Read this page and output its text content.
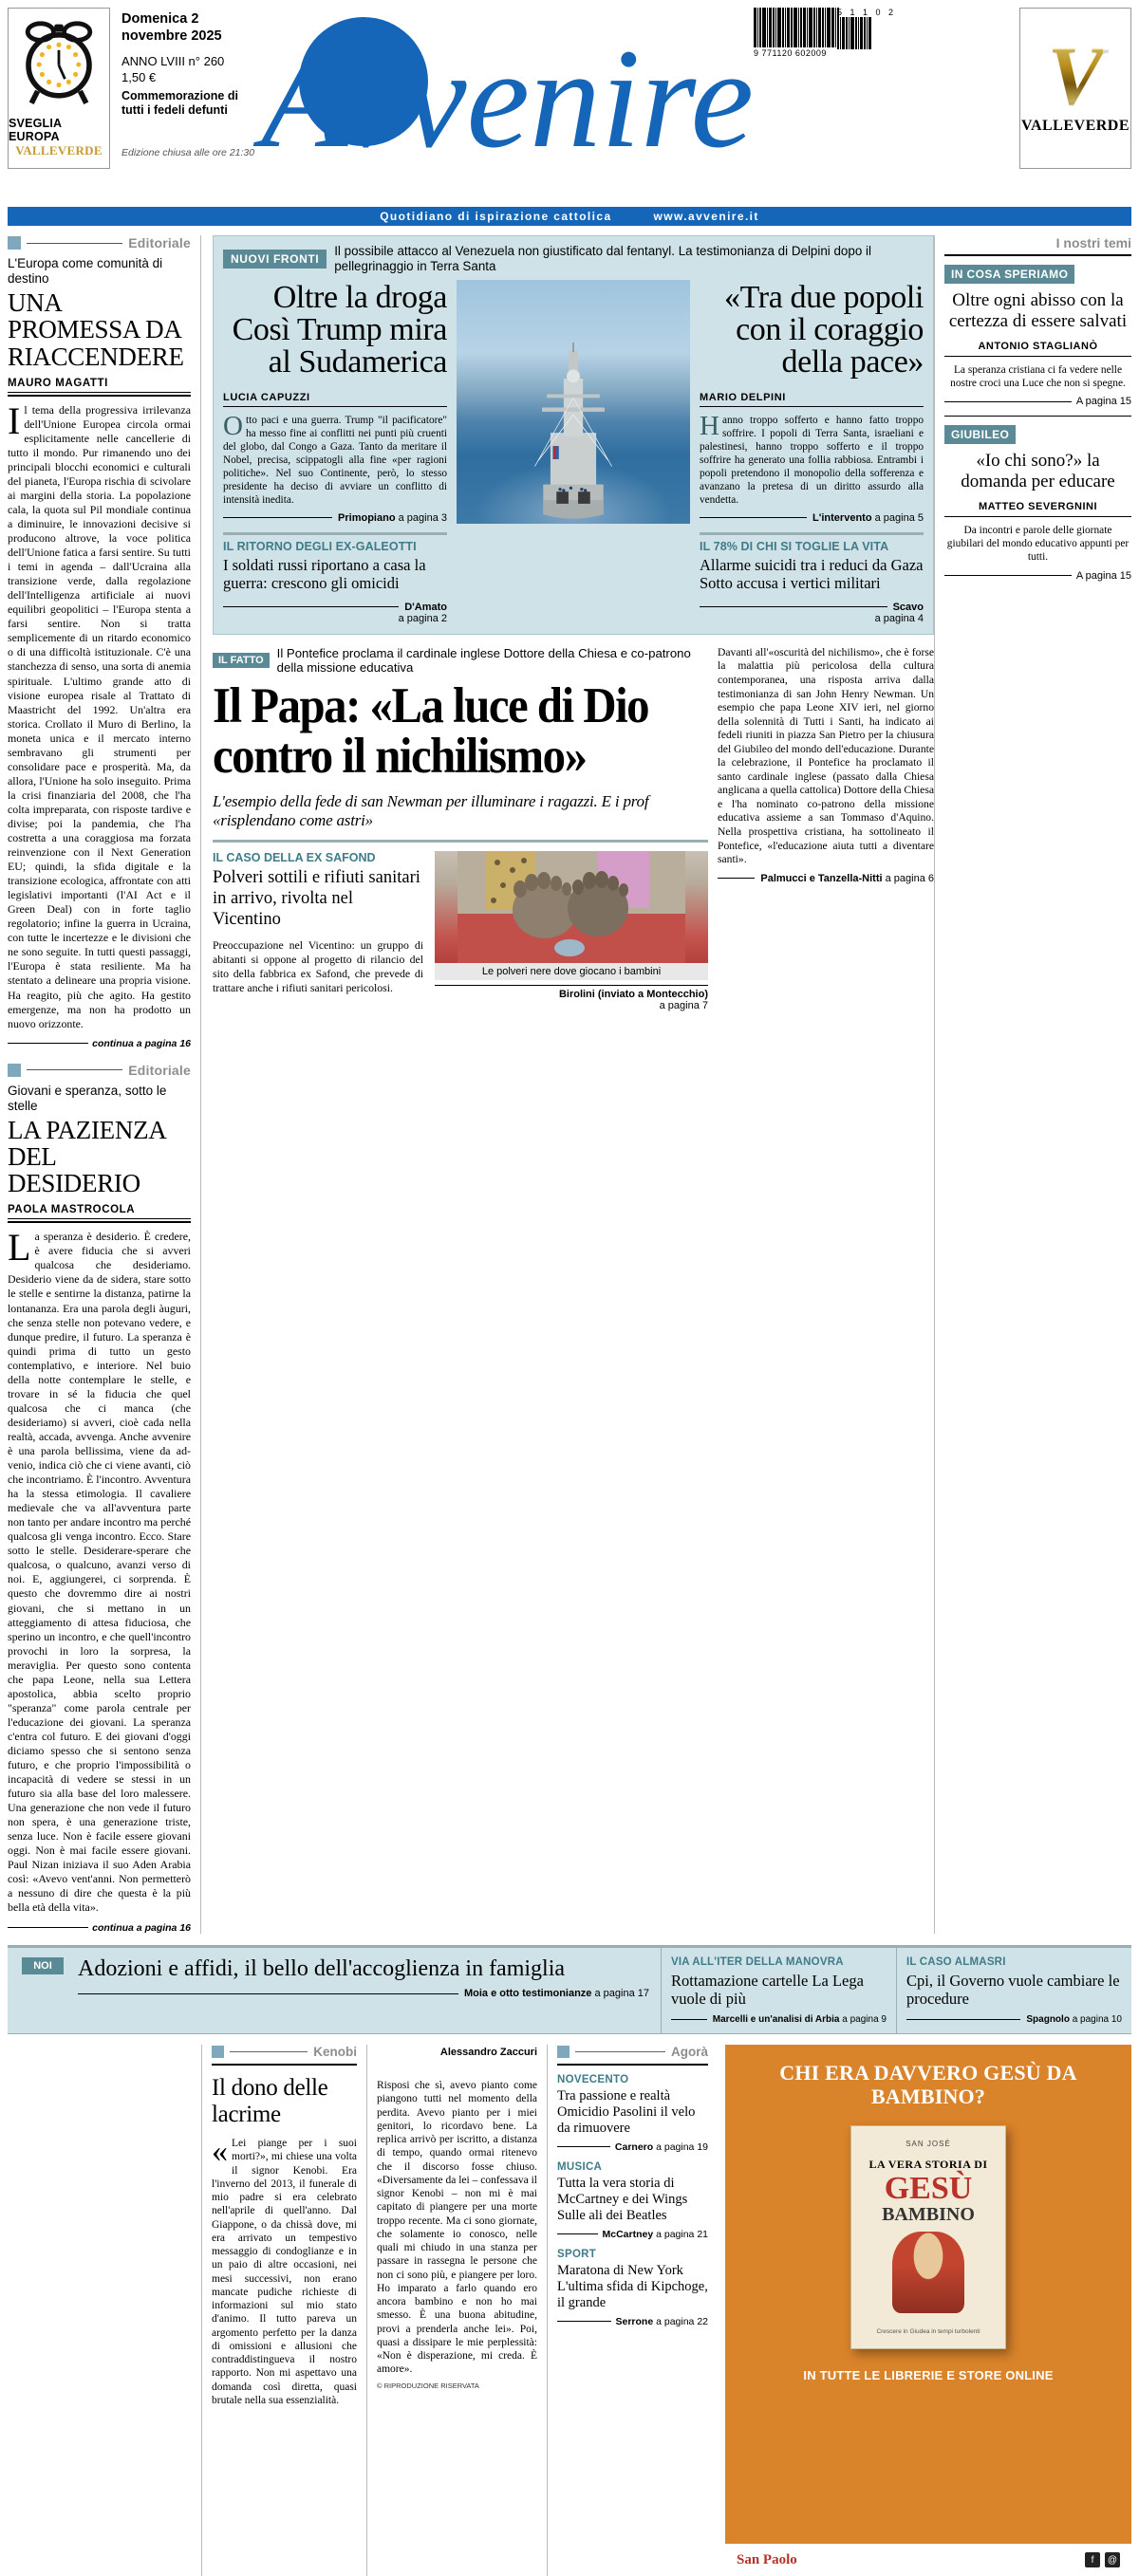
SVEGLIA EUROPA
VALLEVERDE
Domenica 2 novembre 2025
ANNO LVIII n° 260
1,50 €
Commemorazione di tutti i fedeli defunti
Edizione chiusa alle ore 21:30 Avvenire 9 771120 602009
5 1 1 0 2
V
VALLEVERDE
Quotidiano di ispirazione cattolica	www.avvenire.it
Editoriale
L'Europa come comunità di destino
UNA PROMESSA DA RIACCENDERE
MAURO MAGATTI
Il tema della progressiva irrilevanza dell'Unione Europea circola ormai esplicitamente nelle cancellerie di tutto il mondo. Pur rimanendo uno dei principali blocchi economici e culturali del pianeta, l'Europa rischia di scivolare ai margini della storia. La popolazione cala, la quota sul Pil mondiale continua a diminuire, le innovazioni decisive si producono altrove, la voce politica dell'Unione fatica a farsi sentire. Su tutti i temi in agenda – dall'Ucraina alla transizione verde, dalla regolazione dell'Intelligenza artificiale ai nuovi equilibri geopolitici – l'Europa stenta a farsi sentire. Non si tratta semplicemente di un ritardo economico o di una difficoltà istituzionale. C'è una stanchezza di senso, una sorta di anemia spirituale. L'ultimo grande atto di visione europea risale al Trattato di Maastricht del 1992. Un'altra era storica. Crollato il Muro di Berlino, la moneta unica e il mercato interno sembravano gli strumenti per consolidare pace e prosperità. Ma, da allora, l'Unione ha solo inseguito. Prima la crisi finanziaria del 2008, che l'ha colta impreparata, con risposte tardive e divise; poi la pandemia, che l'ha costretta a una coraggiosa ma forzata reinvenzione con il Next Generation EU; quindi, la sfida digitale e la transizione ecologica, affrontate con atti legislativi importanti (l'AI Act e il Green Deal) con in forte taglio regolatorio; infine la guerra in Ucraina, con tutte le incertezze e le divisioni che ne sono seguite. In tutti questi passaggi, l'Europa è stata resiliente. Ma ha stentato a delineare una propria visione. Ha reagito, più che agito. Ha gestito emergenze, ma non ha prodotto un nuovo orizzonte.
continua a pagina 16
Editoriale
Giovani e speranza, sotto le stelle
LA PAZIENZA DEL DESIDERIO
PAOLA MASTROCOLA
La speranza è desiderio. È credere, è avere fiducia che si avveri qualcosa che desideriamo. Desiderio viene da de sidera, stare sotto le stelle e sentirne la distanza, patirne la lontananza. Era una parola degli àuguri, che senza stelle non potevano vedere, e dunque predire, il futuro. La speranza è quindi prima di tutto un gesto contemplativo, e interiore. Nel buio della notte contemplare le stelle, e trovare in sé la fiducia che quel qualcosa che ci manca (che desideriamo) si avveri, cioè cada nella realtà, accada, avvenga. Anche avvenire è una parola bellissima, viene da ad-venio, indica ciò che ci viene avanti, ciò che incontriamo. È l'incontro. Avventura ha la stessa etimologia. Il cavaliere medievale che va all'avventura parte non tanto per andare incontro ma perché qualcosa gli venga incontro. Ecco. Stare sotto le stelle. Desiderare-sperare che qualcosa, o qualcuno, avanzi verso di noi. E, aggiungerei, ci sorprenda. È questo che dovremmo dire ai nostri giovani, che si mettano in un atteggiamento di attesa fiduciosa, che sperino un incontro, e che quell'incontro provochi in loro la sorpresa, la meraviglia. Per questo sono contenta che papa Leone, nella sua Lettera apostolica, abbia scelto proprio "speranza" come parola centrale per l'educazione dei giovani. La speranza c'entra col futuro. E dei giovani d'oggi diciamo spesso che si sentono senza futuro, e che proprio l'impossibilità o incapacità di vedere se stessi in un futuro sia alla base del loro malessere. Una generazione che non vede il futuro non spera, è una generazione triste, senza luce. Non è facile essere giovani oggi. Non è mai facile essere giovani. Paul Nizan iniziava il suo Aden Arabia così: «Avevo vent'anni. Non permetterò a nessuno di dire che questa è la più bella età della vita».
continua a pagina 16
NUOVI FRONTI
Il possibile attacco al Venezuela non giustificato dal fentanyl. La testimonianza di Delpini dopo il pellegrinaggio in Terra Santa
Oltre la droga Così Trump mira al Sudamerica
LUCIA CAPUZZI
Otto paci e una guerra. Trump "il pacificatore" ha messo fine ai conflitti nei punti più cruenti del globo, dal Congo a Gaza. Tanto da meritare il Nobel, precisa, scippatogli alla fine «per ragioni politiche». Nel suo Continente, però, lo stesso presidente ha deciso di avviare un conflitto di intensità inedita.
Primopiano a pagina 3
«Tra due popoli con il coraggio della pace»
MARIO DELPINI
Hanno troppo sofferto e hanno fatto troppo soffrire. I popoli di Terra Santa, israeliani e palestinesi, hanno troppo sofferto e il troppo soffrire ha generato una follia rabbiosa. Entrambi i popoli pretendono il monopolio della sofferenza e avanzano la pretesa di un diritto assurdo alla vendetta.
L'intervento a pagina 5
IL RITORNO DEGLI EX-GALEOTTI
I soldati russi riportano a casa la guerra: crescono gli omicidi
D'Amato
a pagina 2
IL 78% DI CHI SI TOGLIE LA VITA
Allarme suicidi tra i reduci da Gaza Sotto accusa i vertici militari
Scavo
a pagina 4
IL FATTO	Il Pontefice proclama il cardinale inglese Dottore della Chiesa e co-patrono della missione educativa
Il Papa: «La luce di Dio contro il nichilismo»
L'esempio della fede di san Newman per illuminare i ragazzi. E i prof «risplendano come astri»
IL CASO DELLA EX SAFOND
Polveri sottili e rifiuti sanitari in arrivo, rivolta nel Vicentino
Preoccupazione nel Vicentino: un gruppo di abitanti si oppone al progetto di rilancio del sito della fabbrica ex Safond, che prevede di trattare anche i rifiuti sanitari pericolosi.
Le polveri nere dove giocano i bambini
Birolini (inviato a Montecchio)
a pagina 7
Davanti all'«oscurità del nichilismo», che è forse la malattia più pericolosa della cultura contemporanea, una risposta arriva dalla testimonianza di san John Henry Newman. Un esempio che papa Leone XIV ieri, nel giorno della solennità di Tutti i Santi, ha indicato ai fedeli riuniti in piazza San Pietro per la chiusura del Giubileo del mondo dell'educazione. Durante la celebrazione, il Pontefice ha proclamato il santo cardinale inglese (passato dalla Chiesa anglicana a quella cattolica) Dottore della Chiesa e l'ha nominato co-patrono della missione educativa assieme a san Tommaso d'Aquino. Nella prospettiva cristiana, ha sottolineato il Pontefice, «l'educazione aiuta tutti a diventare santi».
Palmucci e Tanzella-Nitti a pagina 6
I nostri temi
IN COSA SPERIAMO
Oltre ogni abisso con la certezza di essere salvati
ANTONIO STAGLIANÒ
La speranza cristiana ci fa vedere nelle nostre croci una Luce che non si spegne.
A pagina 15
GIUBILEO
«Io chi sono?» la domanda per educare
MATTEO SEVERGNINI
Da incontri e parole delle giornate giubilari del mondo educativo appunti per tutti.
A pagina 15
NOI	Adozioni e affidi, il bello dell'accoglienza in famiglia
Moia e otto testimonianze a pagina 17
VIA ALL'ITER DELLA MANOVRA
Rottamazione cartelle La Lega vuole di più
Marcelli e un'analisi di Arbia a pagina 9
IL CASO ALMASRI
Cpi, il Governo vuole cambiare le procedure
Spagnolo a pagina 10
Kenobi
Il dono delle lacrime
« Lei piange per i suoi morti?», mi chiese una volta il signor Kenobi. Era l'inverno del 2013, il funerale di mio padre si era celebrato nell'aprile di quell'anno. Dal Giappone, o da chissà dove, mi era arrivato un tempestivo messaggio di condoglianze e in un paio di altre occasioni, nei mesi successivi, non erano mancate pudiche richieste di informazioni sul mio stato d'animo. Il tutto pareva un argomento perfetto per la danza di omissioni e allusioni che contraddistingueva il nostro rapporto. Non mi aspettavo una domanda così diretta, quasi brutale nella sua essenzialità.
Alessandro Zaccuri
Risposi che sì, avevo pianto come piangono tutti nel momento della perdita. Avevo pianto per i miei genitori, lo ricordavo bene. La replica arrivò per iscritto, a distanza di tempo, quando ormai ritenevo che il discorso fosse chiuso. «Diversamente da lei – confessava il signor Kenobi – non mi è mai capitato di piangere per una morte troppo recente. Ma ci sono giornate, che solamente io conosco, nelle quali mi chiudo in una stanza per passare in rassegna le persone che non ci sono più, e piangere per loro. Ho imparato a farlo quando ero ancora bambino e non ho mai smesso. È una buona abitudine, provi a prenderla anche lei». Poi, quasi a dissipare le mie perplessità: «Non è disperazione, mi creda. È amore».
© RIPRODUZIONE RISERVATA
Agorà
NOVECENTO
Tra passione e realtà Omicidio Pasolini il velo da rimuovere
Carnero a pagina 19
MUSICA
Tutta la vera storia di McCartney e dei Wings Sulle ali dei Beatles
McCartney a pagina 21
SPORT
Maratona di New York L'ultima sfida di Kipchoge, il grande
Serrone a pagina 22
CHI ERA DAVVERO GESÙ DA BAMBINO?
SAN JOSÉ
LA VERA STORIA DI
GESÙ
BAMBINO
Crescere in Giudea in tempi turbolenti
IN TUTTE LE LIBRERIE E STORE ONLINE
San Paolo	f	@
